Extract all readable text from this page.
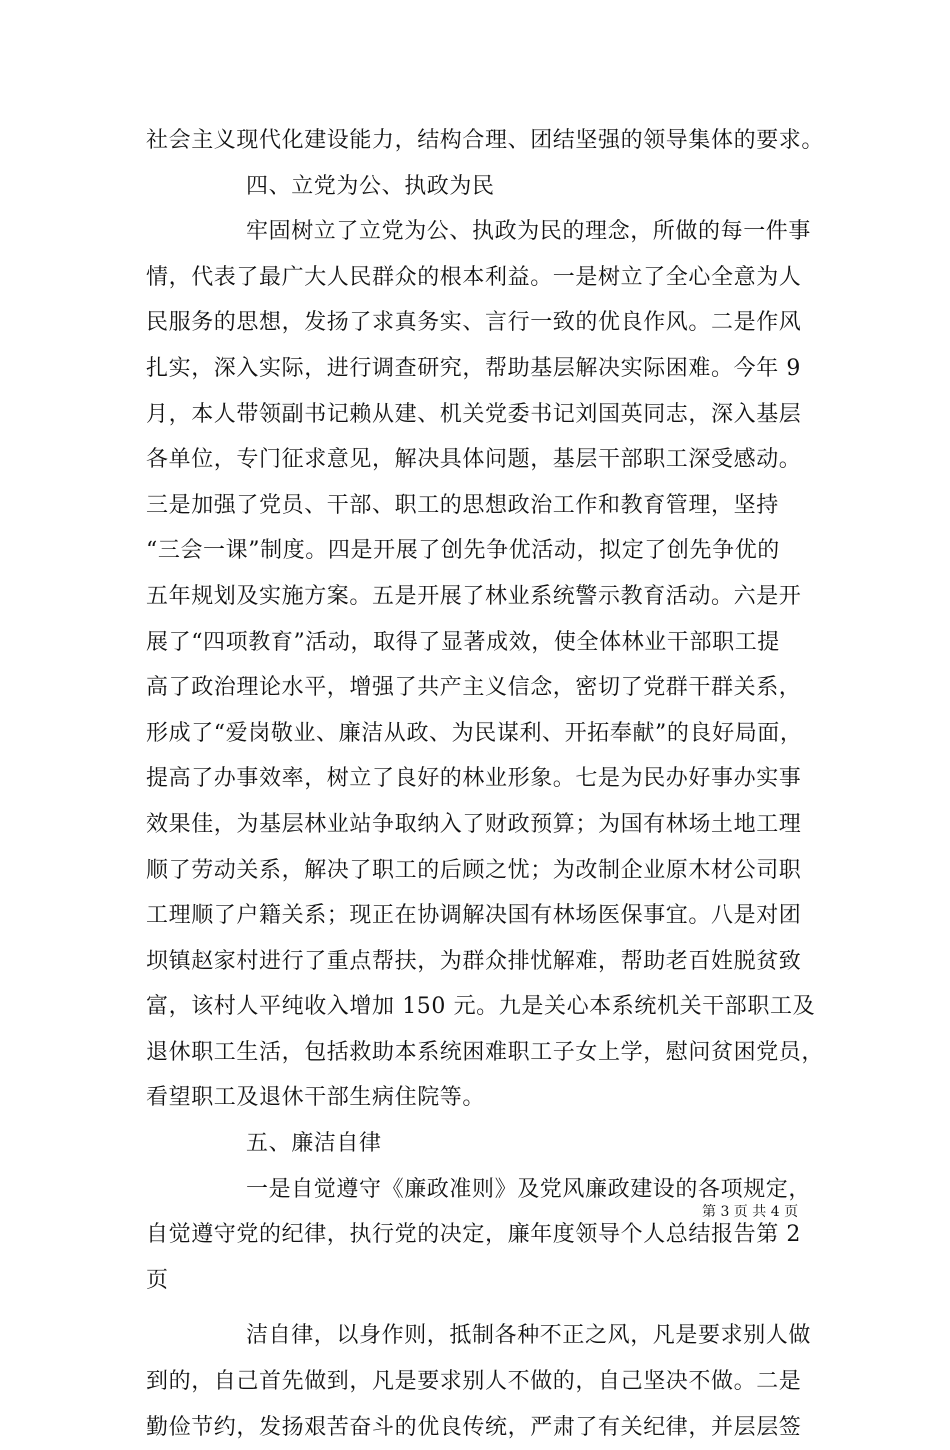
社会主义现代化建设能力，结构合理、团结坚强的领导集体的要求。
四、立党为公、执政为民
牢固树立了立党为公、执政为民的理念，所做的每一件事
情，代表了最广大人民群众的根本利益。一是树立了全心全意为人
民服务的思想，发扬了求真务实、言行一致的优良作风。二是作风
扎实，深入实际，进行调查研究，帮助基层解决实际困难。今年 9
月，本人带领副书记赖从建、机关党委书记刘国英同志，深入基层
各单位，专门征求意见，解决具体问题，基层干部职工深受感动。
三是加强了党员、干部、职工的思想政治工作和教育管理，坚持
“三会一课”制度。四是开展了创先争优活动，拟定了创先争优的
五年规划及实施方案。五是开展了林业系统警示教育活动。六是开
展了“四项教育”活动，取得了显著成效，使全体林业干部职工提
高了政治理论水平，增强了共产主义信念，密切了党群干群关系，
形成了“爱岗敬业、廉洁从政、为民谋利、开拓奉献”的良好局面，
提高了办事效率，树立了良好的林业形象。七是为民办好事办实事
效果佳，为基层林业站争取纳入了财政预算；为国有林场土地工理
顺了劳动关系，解决了职工的后顾之忧；为改制企业原木材公司职
工理顺了户籍关系；现正在协调解决国有林场医保事宜。八是对团
坝镇赵家村进行了重点帮扶，为群众排忧解难，帮助老百姓脱贫致
富，该村人平纯收入增加 150 元。九是关心本系统机关干部职工及
退休职工生活，包括救助本系统困难职工子女上学，慰问贫困党员，
看望职工及退休干部生病住院等。
五、廉洁自律
一是自觉遵守《廉政准则》及党风廉政建设的各项规定，
自觉遵守党的纪律，执行党的决定，廉年度领导个人总结报告第 2
页
洁自律，以身作则，抵制各种不正之风，凡是要求别人做
到的，自己首先做到，凡是要求别人不做的，自己坚决不做。二是
勤俭节约，发扬艰苦奋斗的优良传统，严肃了有关纪律，并层层签
第 3 页 共 4 页
